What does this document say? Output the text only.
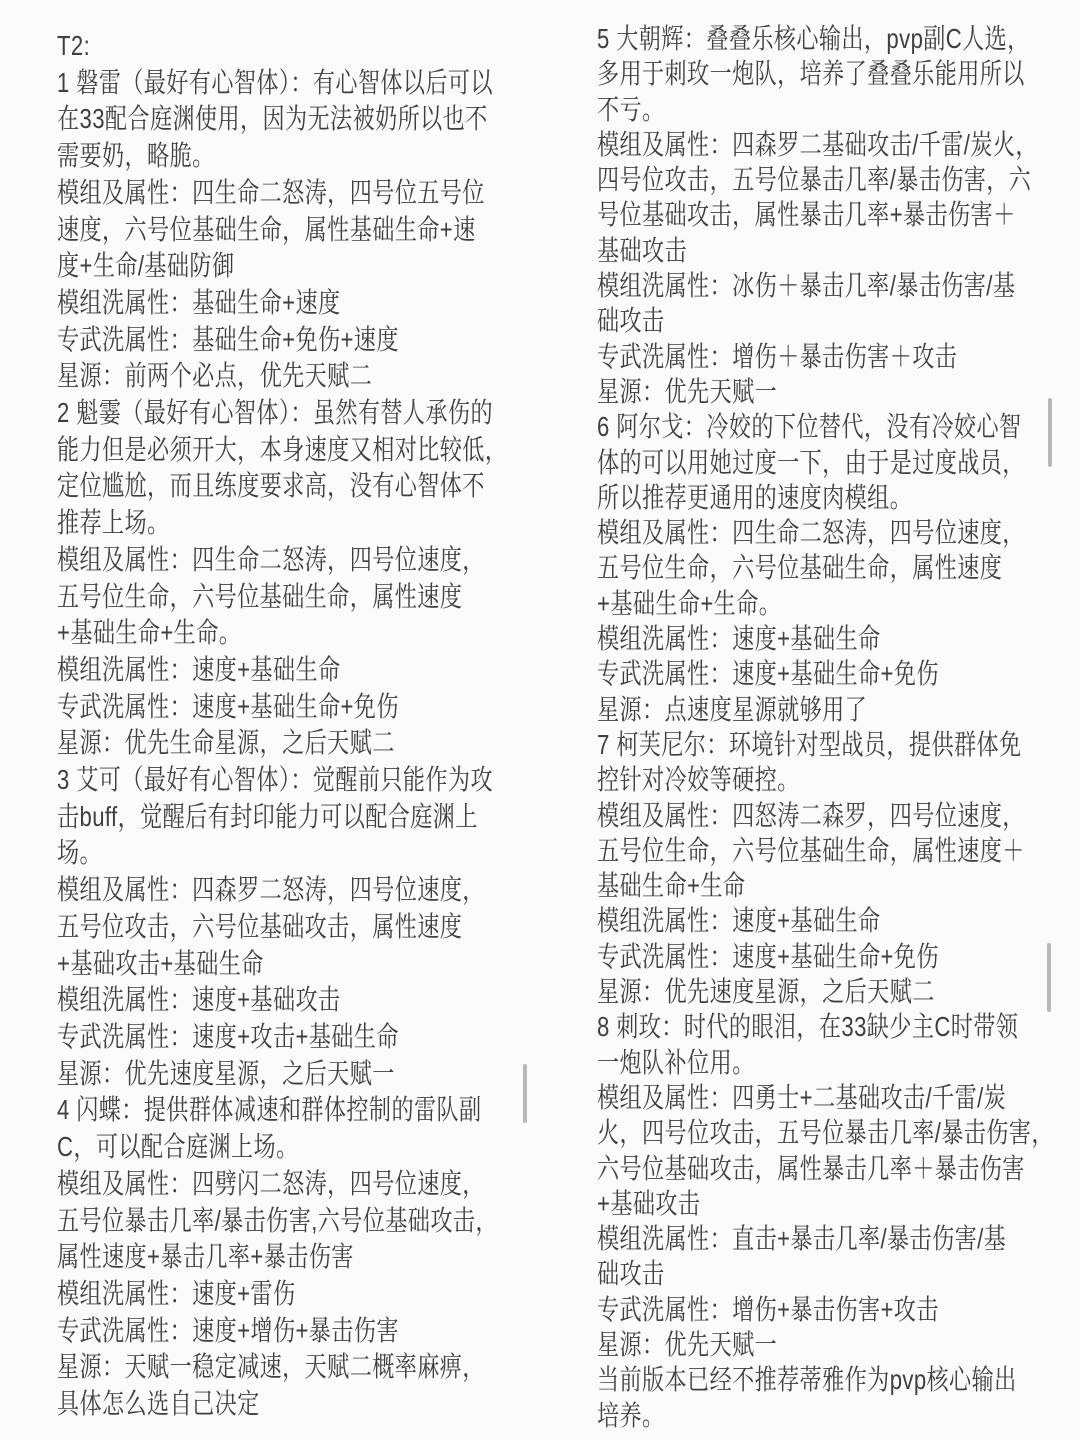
T2:
1 磐雷（最好有心智体）：有心智体以后可以
在33配合庭渊使用，因为无法被奶所以也不
需要奶，略脆。
模组及属性：四生命二怒涛，四号位五号位
速度，六号位基础生命，属性基础生命+速
度+生命/基础防御
模组洗属性：基础生命+速度
专武洗属性：基础生命+免伤+速度
星源：前两个必点，优先天赋二
2 魁霎（最好有心智体）：虽然有替人承伤的
能力但是必须开大，本身速度又相对比较低，
定位尴尬，而且练度要求高，没有心智体不
推荐上场。
模组及属性：四生命二怒涛，四号位速度，
五号位生命，六号位基础生命，属性速度
+基础生命+生命。
模组洗属性：速度+基础生命
专武洗属性：速度+基础生命+免伤
星源：优先生命星源，之后天赋二
3 艾可（最好有心智体）：觉醒前只能作为攻
击buff，觉醒后有封印能力可以配合庭渊上
场。
模组及属性：四森罗二怒涛，四号位速度，
五号位攻击，六号位基础攻击，属性速度
+基础攻击+基础生命
模组洗属性：速度+基础攻击
专武洗属性：速度+攻击+基础生命
星源：优先速度星源，之后天赋一
4 闪蝶：提供群体减速和群体控制的雷队副
C，可以配合庭渊上场。
模组及属性：四劈闪二怒涛，四号位速度，
五号位暴击几率/暴击伤害,六号位基础攻击，
属性速度+暴击几率+暴击伤害
模组洗属性：速度+雷伤
专武洗属性：速度+增伤+暴击伤害
星源：天赋一稳定减速，天赋二概率麻痹，
具体怎么选自己决定
5 大朝辉：叠叠乐核心输出，pvp副C人选，
多用于刺玫一炮队，培养了叠叠乐能用所以
不亏。
模组及属性：四森罗二基础攻击/千雷/炭火，
四号位攻击，五号位暴击几率/暴击伤害，六
号位基础攻击，属性暴击几率+暴击伤害＋
基础攻击
模组洗属性：冰伤＋暴击几率/暴击伤害/基
础攻击
专武洗属性：增伤＋暴击伤害＋攻击
星源：优先天赋一
6 阿尔戈：冷姣的下位替代，没有冷姣心智
体的可以用她过度一下，由于是过度战员，
所以推荐更通用的速度肉模组。
模组及属性：四生命二怒涛，四号位速度，
五号位生命，六号位基础生命，属性速度
+基础生命+生命。
模组洗属性：速度+基础生命
专武洗属性：速度+基础生命+免伤
星源：点速度星源就够用了
7 柯芙尼尔：环境针对型战员，提供群体免
控针对冷姣等硬控。
模组及属性：四怒涛二森罗，四号位速度，
五号位生命，六号位基础生命，属性速度＋
基础生命+生命
模组洗属性：速度+基础生命
专武洗属性：速度+基础生命+免伤
星源：优先速度星源，之后天赋二
8 刺玫：时代的眼泪，在33缺少主C时带领
一炮队补位用。
模组及属性：四勇士+二基础攻击/千雷/炭
火，四号位攻击，五号位暴击几率/暴击伤害，
六号位基础攻击，属性暴击几率＋暴击伤害
+基础攻击
模组洗属性：直击+暴击几率/暴击伤害/基
础攻击
专武洗属性：增伤+暴击伤害+攻击
星源：优先天赋一
当前版本已经不推荐蒂雅作为pvp核心输出
培养。
